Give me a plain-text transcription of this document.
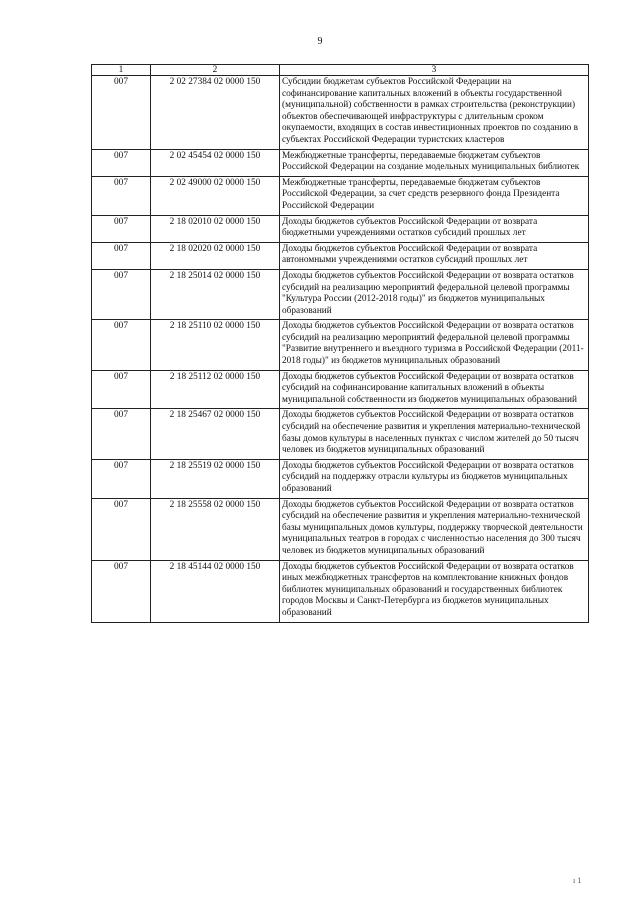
9
1	2	3
007	2 02 27384 02 0000 150	Субсидии бюджетам субъектов Российской Федерации на софинансирование капитальных вложений в объекты государственной (муниципальной) собственности в рамках строительства (реконструкции) объектов обеспечивающей инфраструктуры с длительным сроком окупаемости, входящих в состав инвестиционных проектов по созданию в субъектах Российской Федерации туристских кластеров
007	2 02 45454 02 0000 150	Межбюджетные трансферты, передаваемые бюджетам субъектов Российской Федерации на создание модельных муниципальных библиотек
007	2 02 49000 02 0000 150	Межбюджетные трансферты, передаваемые бюджетам субъектов Российской Федерации, за счет средств резервного фонда Президента Российской Федерации
007	2 18 02010 02 0000 150	Доходы бюджетов субъектов Российской Федерации от возврата бюджетными учреждениями остатков субсидий прошлых лет
007	2 18 02020 02 0000 150	Доходы бюджетов субъектов Российской Федерации от возврата автономными учреждениями остатков субсидий прошлых лет
007	2 18 25014 02 0000 150	Доходы бюджетов субъектов Российской Федерации от возврата остатков субсидий на реализацию мероприятий федеральной целевой программы "Культура России (2012-2018 годы)" из бюджетов муниципальных образований
007	2 18 25110 02 0000 150	Доходы бюджетов субъектов Российской Федерации от возврата остатков субсидий на реализацию мероприятий федеральной целевой программы "Развитие внутреннего и въездного туризма в Российской Федерации (2011-2018 годы)" из бюджетов муниципальных образований
007	2 18 25112 02 0000 150	Доходы бюджетов субъектов Российской Федерации от возврата остатков субсидий на софинансирование капитальных вложений в объекты муниципальной собственности из бюджетов муниципальных образований
007	2 18 25467 02 0000 150	Доходы бюджетов субъектов Российской Федерации от возврата остатков субсидий на обеспечение развития и укрепления материально-технической базы домов культуры в населенных пунктах с числом жителей до 50 тысяч человек из бюджетов муниципальных образований
007	2 18 25519 02 0000 150	Доходы бюджетов субъектов Российской Федерации от возврата остатков субсидий на поддержку отрасли культуры из бюджетов муниципальных образований
007	2 18 25558 02 0000 150	Доходы бюджетов субъектов Российской Федерации от возврата остатков субсидий на обеспечение развития и укрепления материально-технической базы муниципальных домов культуры, поддержку творческой деятельности муниципальных театров в городах с численностью населения до 300 тысяч человек из бюджетов муниципальных образований
007	2 18 45144 02 0000 150	Доходы бюджетов субъектов Российской Федерации от возврата остатков иных межбюджетных трансфертов на комплектование книжных фондов библиотек муниципальных образований и государственных библиотек городов Москвы и Санкт-Петербурга из бюджетов муниципальных образований
ı 1
